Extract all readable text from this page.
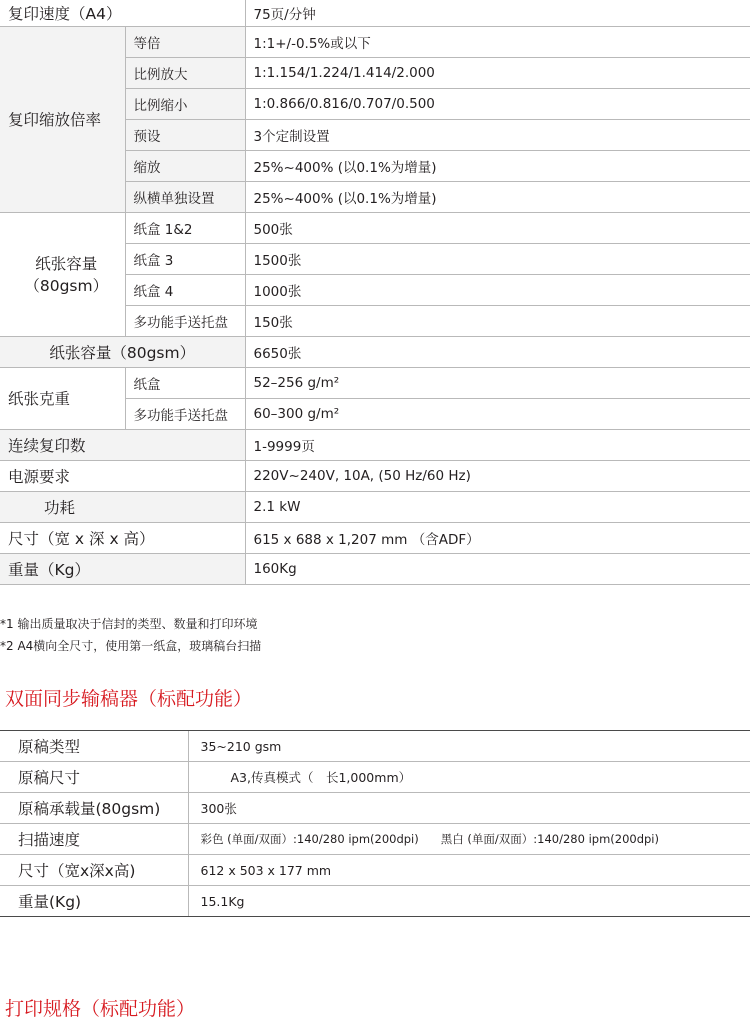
复印速度（A4）		75页/分钟
复印缩放倍率	等倍	1:1+/-0.5%或以下
	比例放大	1:1.154/1.224/1.414/2.000
	比例缩小	1:0.866/0.816/0.707/0.500
	预设	3个定制设置
	缩放	25%~400% (以0.1%为增量)
	纵横单独设置	25%~400% (以0.1%为增量)

纸张容量
（80gsm）	纸盒 1&2	500张
	纸盒 3	1500张
	纸盒 4	1000张
	多功能手送托盘	150张
纸张容量（80gsm）		6650张
纸张克重	纸盒	52–256 g/m²
	多功能手送托盘	60–300 g/m²
连续复印数		1-9999页
电源要求		220V~240V, 10A, (50 Hz/60 Hz)
功耗		2.1 kW
尺寸（宽 x 深 x 高）		615 x 688 x 1,207 mm （含ADF）
重量（Kg）		160Kg
*1 输出质量取决于信封的类型、数量和打印环境
*2 A4横向全尺寸，使用第一纸盒，玻璃稿台扫描
双面同步输稿器（标配功能）
原稿类型	35~210 gsm
原稿尺寸	A3,传真模式（　长1,000mm）
原稿承载量(80gsm)	300张
扫描速度	彩色 (单面/双面）:140/280 ipm(200dpi) 黑白 (单面/双面）:140/280 ipm(200dpi)
尺寸（宽x深x高)	612 x 503 x 177 mm
重量(Kg)	15.1Kg
打印规格（标配功能）
